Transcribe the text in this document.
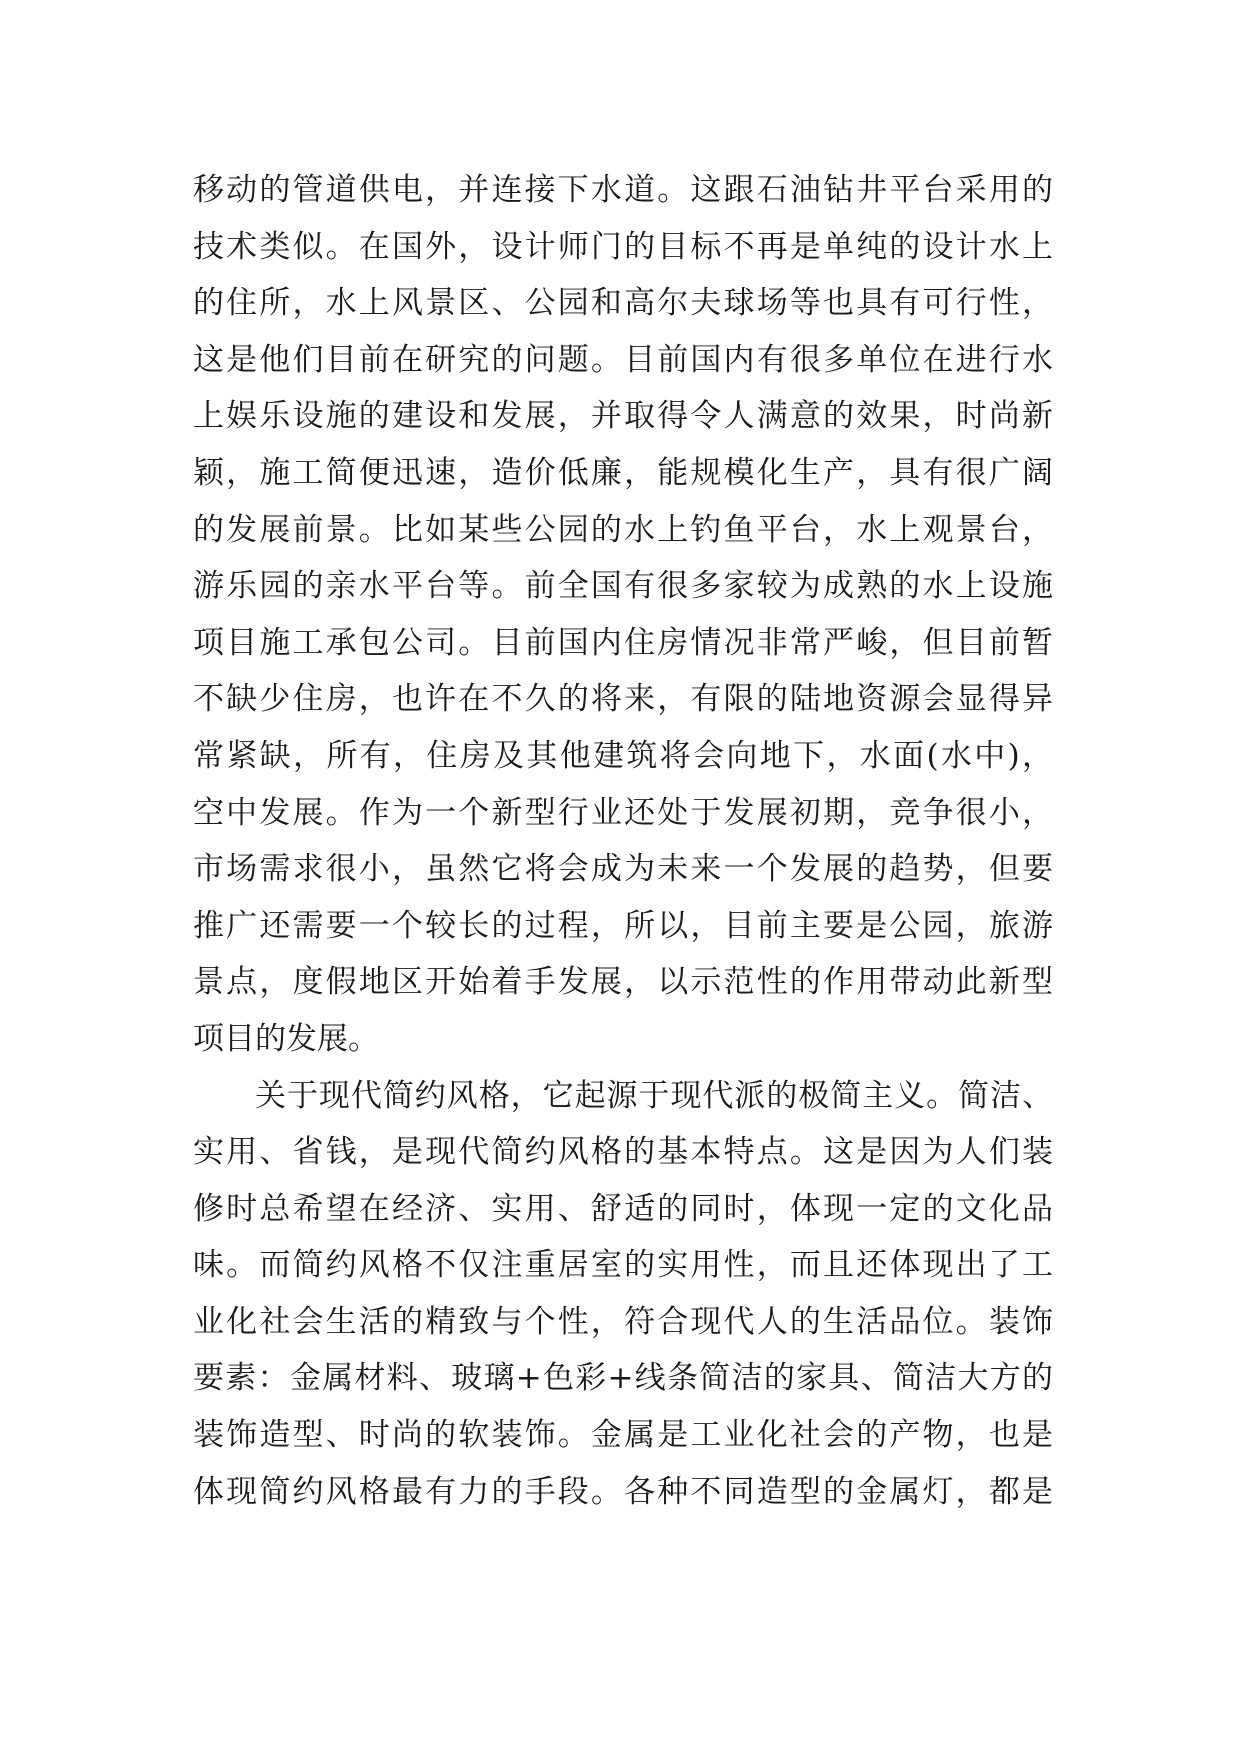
移动的管道供电，并连接下水道。这跟石油钻井平台采用的
技术类似。在国外，设计师门的目标不再是单纯的设计水上
的住所，水上风景区、公园和高尔夫球场等也具有可行性，
这是他们目前在研究的问题。目前国内有很多单位在进行水
上娱乐设施的建设和发展，并取得令人满意的效果，时尚新
颖，施工简便迅速，造价低廉，能规模化生产，具有很广阔
的发展前景。比如某些公园的水上钓鱼平台，水上观景台，
游乐园的亲水平台等。前全国有很多家较为成熟的水上设施
项目施工承包公司。目前国内住房情况非常严峻，但目前暂
不缺少住房，也许在不久的将来，有限的陆地资源会显得异
常紧缺，所有，住房及其他建筑将会向地下，水面(水中)，
空中发展。作为一个新型行业还处于发展初期，竞争很小，
市场需求很小，虽然它将会成为未来一个发展的趋势，但要
推广还需要一个较长的过程，所以，目前主要是公园，旅游
景点，度假地区开始着手发展，以示范性的作用带动此新型
项目的发展。
关于现代简约风格，它起源于现代派的极简主义。简洁、
实用、省钱，是现代简约风格的基本特点。这是因为人们装
修时总希望在经济、实用、舒适的同时，体现一定的文化品
味。而简约风格不仅注重居室的实用性，而且还体现出了工
业化社会生活的精致与个性，符合现代人的生活品位。装饰
要素：金属材料、玻璃+色彩+线条简洁的家具、简洁大方的
装饰造型、时尚的软装饰。金属是工业化社会的产物，也是
体现简约风格最有力的手段。各种不同造型的金属灯，都是
